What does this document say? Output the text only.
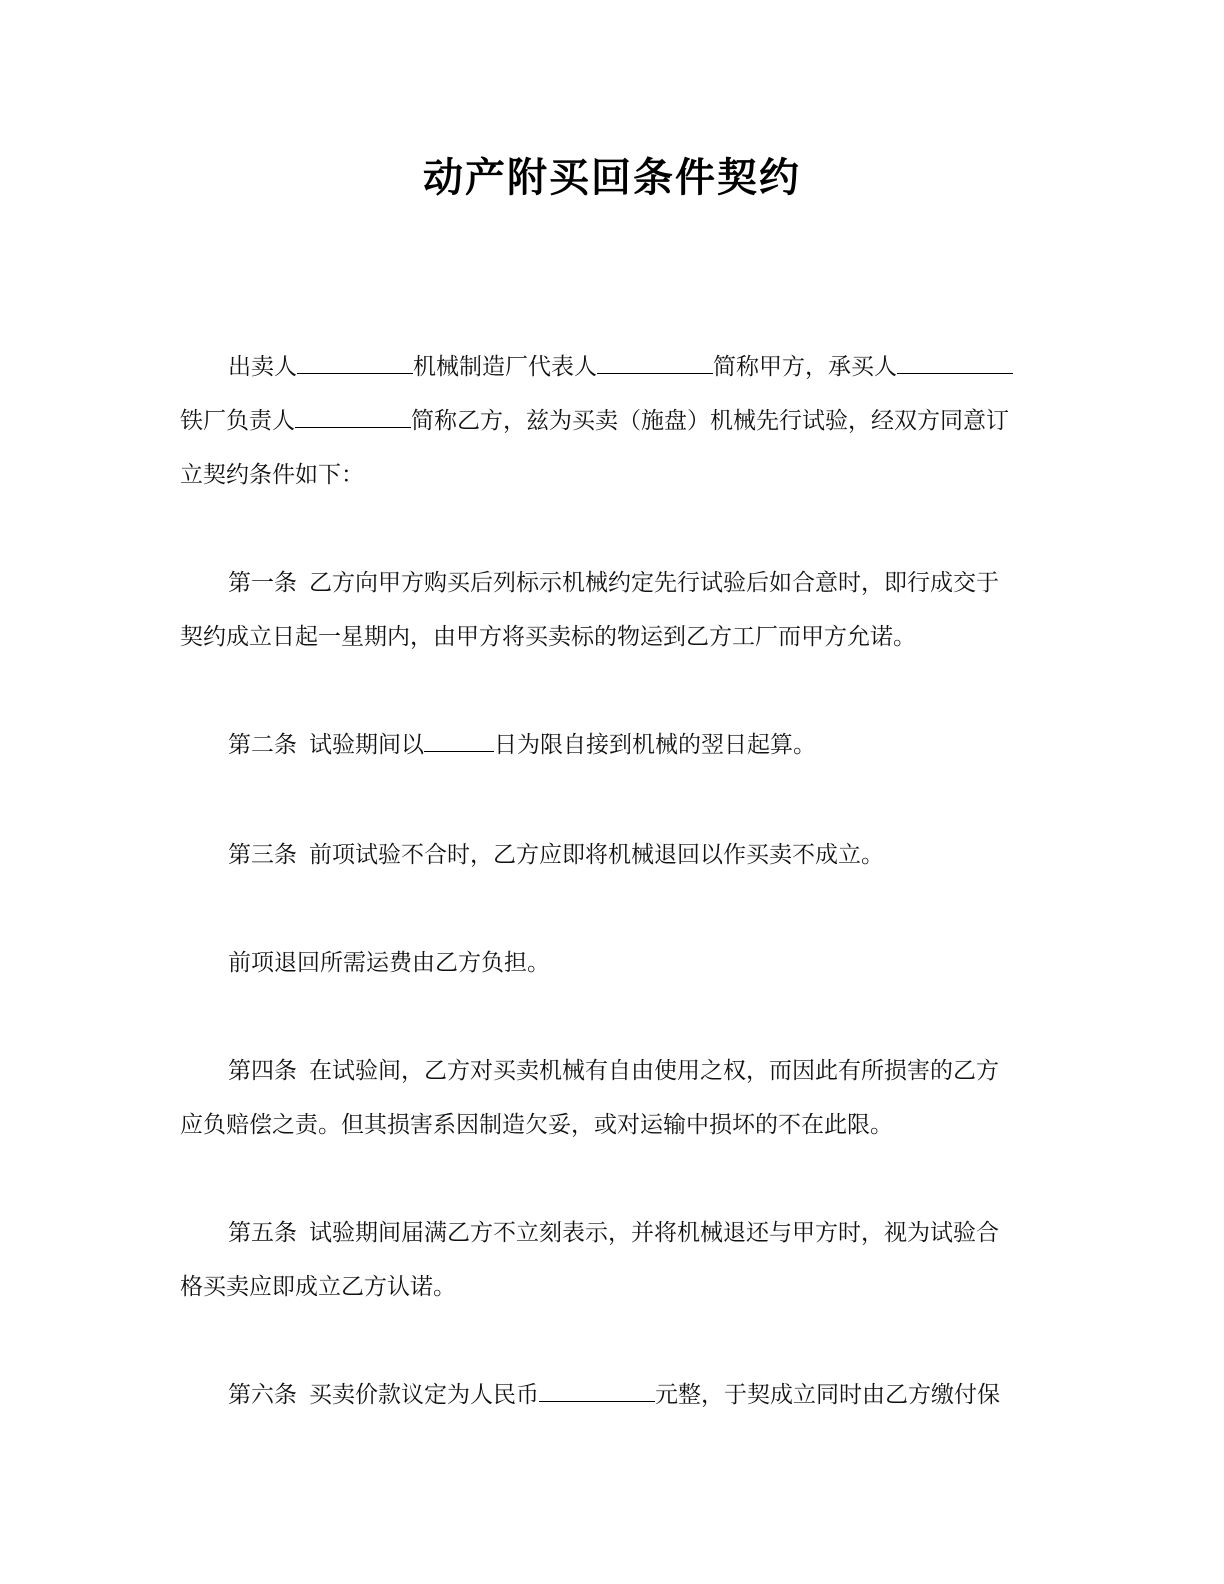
动产附买回条件契约
出卖人	机械制造厂代表人	简称甲方，承买人
铁厂负责人	简称乙方，兹为买卖（施盘）机械先行试验，经双方同意订
立契约条件如下：
第一条 乙方向甲方购买后列标示机械约定先行试验后如合意时，即行成交于
契约成立日起一星期内，由甲方将买卖标的物运到乙方工厂而甲方允诺。
第二条 试验期间以	日为限自接到机械的翌日起算。
第三条 前项试验不合时，乙方应即将机械退回以作买卖不成立。
前项退回所需运费由乙方负担。
第四条 在试验间，乙方对买卖机械有自由使用之权，而因此有所损害的乙方
应负赔偿之责。但其损害系因制造欠妥，或对运输中损坏的不在此限。
第五条 试验期间届满乙方不立刻表示，并将机械退还与甲方时，视为试验合
格买卖应即成立乙方认诺。
第六条 买卖价款议定为人民币	元整，于契成立同时由乙方缴付保
